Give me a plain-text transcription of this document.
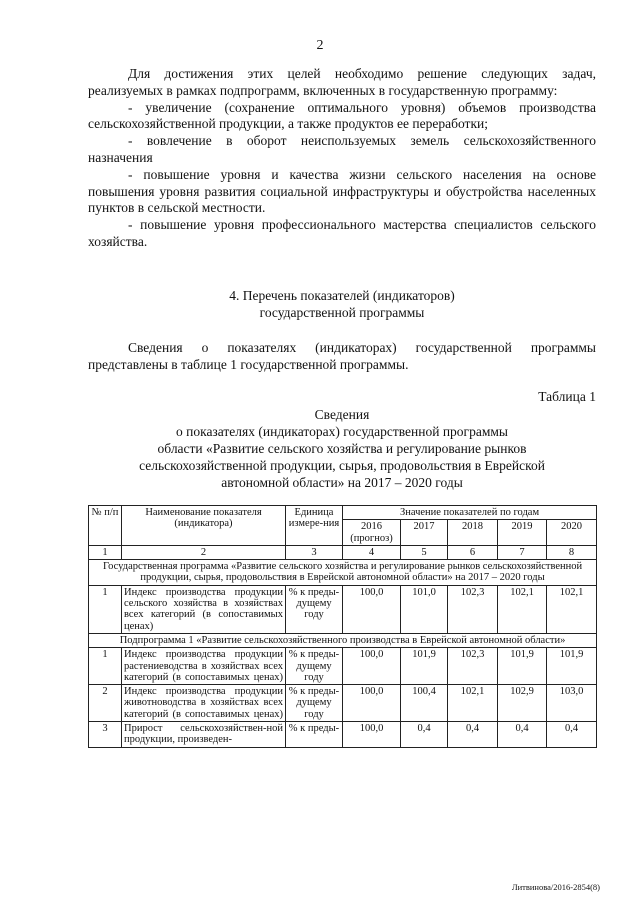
2

Для достижения этих целей необходимо решение следующих задач, реализуемых в рамках подпрограмм, включенных в государственную программу:

- увеличение (сохранение оптимального уровня) объемов производства сельскохозяйственной продукции, а также продуктов ее переработки;

- вовлечение в оборот неиспользуемых земель сельскохозяйственного назначения

- повышение уровня и качества жизни сельского населения на основе повышения уровня развития социальной инфраструктуры и обустройства населенных пунктов в сельской местности.

- повышение уровня профессионального мастерства специалистов сельского хозяйства.

4. Перечень показателей (индикаторов)
государственной программы

Сведения о показателях (индикаторах) государственной программы представлены в таблице 1 государственной программы.

Таблица 1
Сведения
о показателях (индикаторах) государственной программы
области «Развитие сельского хозяйства и регулирование рынков
сельскохозяйственной продукции, сырья, продовольствия в Еврейской
автономной области» на 2017 – 2020 годы
№ п/п	Наименование показателя (индикатора)	Единица измере-ния	Значение показателей по годам				
			2016 (прогноз)	2017	2018	2019	2020
1	2	3	4	5	6	7	8
Государственная программа «Развитие сельского хозяйства и регулирование рынков сельскохозяйственной продукции, сырья, продовольствия в Еврейской автономной области» на 2017 – 2020 годы							
1	Индекс производства продукции сельского хозяйства в хозяйствах всех категорий (в сопоставимых ценах)	% к преды-дущему году	100,0	101,0	102,3	102,1	102,1
Подпрограмма 1 «Развитие сельскохозяйственного производства в Еврейской автономной области»							
1	Индекс производства продукции растениеводства в хозяйствах всех категорий (в сопоставимых ценах)	% к преды-дущему году	100,0	101,9	102,3	101,9	101,9
2	Индекс производства продукции животноводства в хозяйствах всех категорий (в сопоставимых ценах)	% к преды-дущему году	100,0	100,4	102,1	102,9	103,0
3	Прирост сельскохозяйствен-ной продукции, произведен-	% к преды-	100,0	0,4	0,4	0,4	0,4
Литвинова/2016-2854(8)
